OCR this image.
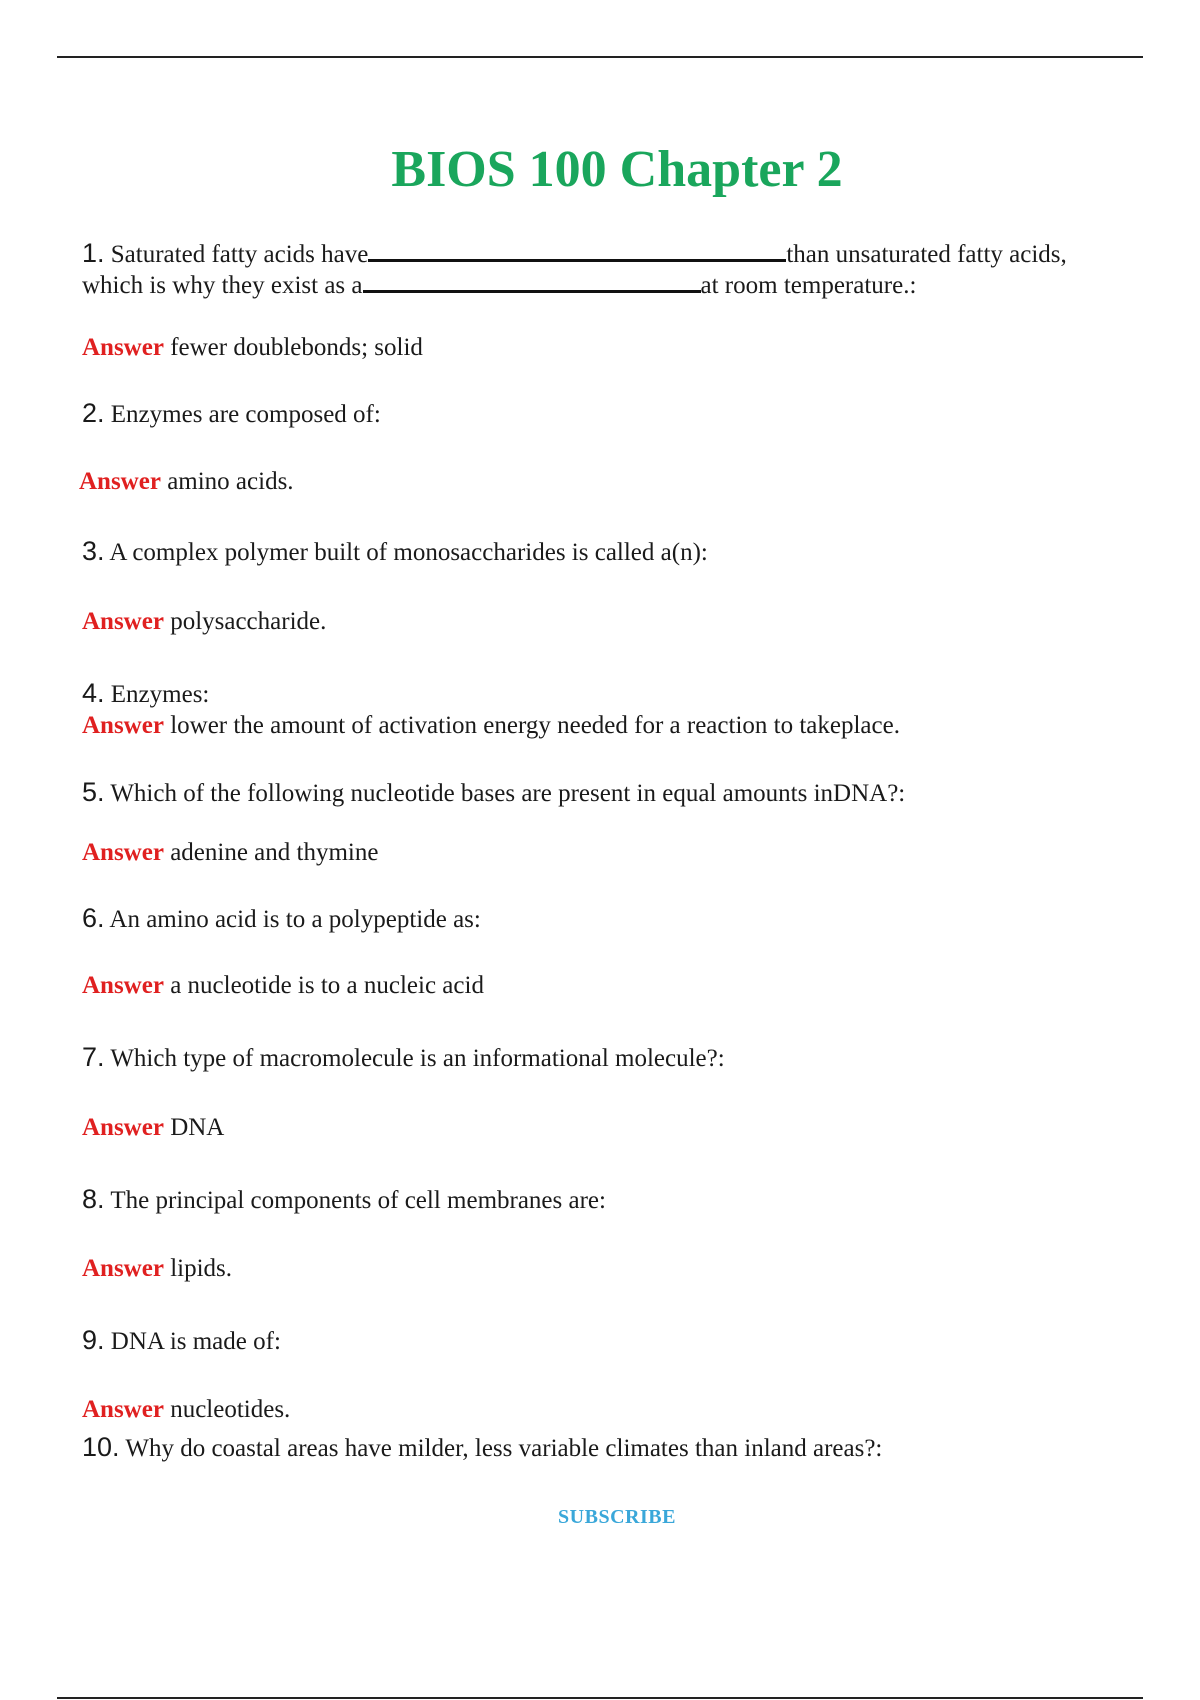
BIOS 100 Chapter 2
1. Saturated fatty acids have	than unsaturated fatty acids,
which is why they exist as a	at room temperature.:
Answer fewer doublebonds; solid
2. Enzymes are composed of:
Answer amino acids.
3. A complex polymer built of monosaccharides is called a(n):
Answer polysaccharide.
4. Enzymes:
Answer lower the amount of activation energy needed for a reaction to takeplace.
5. Which of the following nucleotide bases are present in equal amounts inDNA?:
Answer adenine and thymine
6. An amino acid is to a polypeptide as:
Answer a nucleotide is to a nucleic acid
7. Which type of macromolecule is an informational molecule?:
Answer DNA
8. The principal components of cell membranes are:
Answer lipids.
9. DNA is made of:
Answer nucleotides.
10. Why do coastal areas have milder, less variable climates than inland areas?:
SUBSCRIBE
